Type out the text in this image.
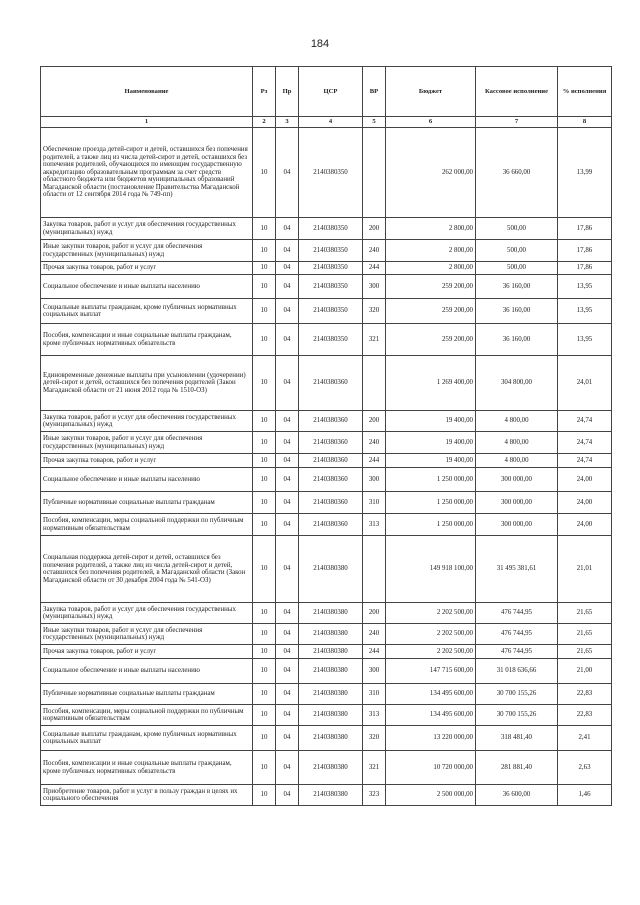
184
Наименование	Рз	Пр	ЦСР	ВР	Бюджет	Кассовое исполнение	% исполнения
1	2	3	4	5	6	7	8
Обеспечение проезда детей-сирот и детей, оставшихся без попечения родителей, а также лиц из числа детей-сирот и детей, оставшихся без попечения родителей, обучающихся по имеющим государственную аккредитацию образовательным программам за счет средств областного бюджета или бюджетов муниципальных образований Магаданской области (постановление Правительства Магаданской области от 12 сентября 2014 года № 749-пп)	10	04	2140380350		262 000,00	36 660,00	13,99
Закупка товаров, работ и услуг для обеспечения государственных (муниципальных) нужд	10	04	2140380350	200	2 800,00	500,00	17,86
Иные закупки товаров, работ и услуг для обеспечения государственных (муниципальных) нужд	10	04	2140380350	240	2 800,00	500,00	17,86
Прочая закупка товаров, работ и услуг	10	04	2140380350	244	2 800,00	500,00	17,86
Социальное обеспечение и иные выплаты населению	10	04	2140380350	300	259 200,00	36 160,00	13,95
Социальные выплаты гражданам, кроме публичных нормативных социальных выплат	10	04	2140380350	320	259 200,00	36 160,00	13,95
Пособия, компенсации и иные социальные выплаты гражданам, кроме публичных нормативных обязательств	10	04	2140380350	321	259 200,00	36 160,00	13,95
Единовременные денежные выплаты при усыновлении (удочерении) детей-сирот и детей, оставшихся без попечения родителей (Закон Магаданской области от 21 июня 2012 года № 1510-ОЗ)	10	04	2140380360		1 269 400,00	304 800,00	24,01
Закупка товаров, работ и услуг для обеспечения государственных (муниципальных) нужд	10	04	2140380360	200	19 400,00	4 800,00	24,74
Иные закупки товаров, работ и услуг для обеспечения государственных (муниципальных) нужд	10	04	2140380360	240	19 400,00	4 800,00	24,74
Прочая закупка товаров, работ и услуг	10	04	2140380360	244	19 400,00	4 800,00	24,74
Социальное обеспечение и иные выплаты населению	10	04	2140380360	300	1 250 000,00	300 000,00	24,00
Публичные нормативные социальные выплаты гражданам	10	04	2140380360	310	1 250 000,00	300 000,00	24,00
Пособия, компенсации, меры социальной поддержки по публичным нормативным обязательствам	10	04	2140380360	313	1 250 000,00	300 000,00	24,00
Социальная поддержка детей-сирот и детей, оставшихся без попечения родителей, а также лиц из числа детей-сирот и детей, оставшихся без попечения родителей, в Магаданской области (Закон Магаданской области от 30 декабря 2004 года № 541-ОЗ)	10	04	2140380380		149 918 100,00	31 495 381,61	21,01
Закупка товаров, работ и услуг для обеспечения государственных (муниципальных) нужд	10	04	2140380380	200	2 202 500,00	476 744,95	21,65
Иные закупки товаров, работ и услуг для обеспечения государственных (муниципальных) нужд	10	04	2140380380	240	2 202 500,00	476 744,95	21,65
Прочая закупка товаров, работ и услуг	10	04	2140380380	244	2 202 500,00	476 744,95	21,65
Социальное обеспечение и иные выплаты населению	10	04	2140380380	300	147 715 600,00	31 018 636,66	21,00
Публичные нормативные социальные выплаты гражданам	10	04	2140380380	310	134 495 600,00	30 700 155,26	22,83
Пособия, компенсации, меры социальной поддержки по публичным нормативным обязательствам	10	04	2140380380	313	134 495 600,00	30 700 155,26	22,83
Социальные выплаты гражданам, кроме публичных нормативных социальных выплат	10	04	2140380380	320	13 220 000,00	318 481,40	2,41
Пособия, компенсации и иные социальные выплаты гражданам, кроме публичных нормативных обязательств	10	04	2140380380	321	10 720 000,00	281 881,40	2,63
Приобретение товаров, работ и услуг в пользу граждан в целях их социального обеспечения	10	04	2140380380	323	2 500 000,00	36 600,00	1,46
